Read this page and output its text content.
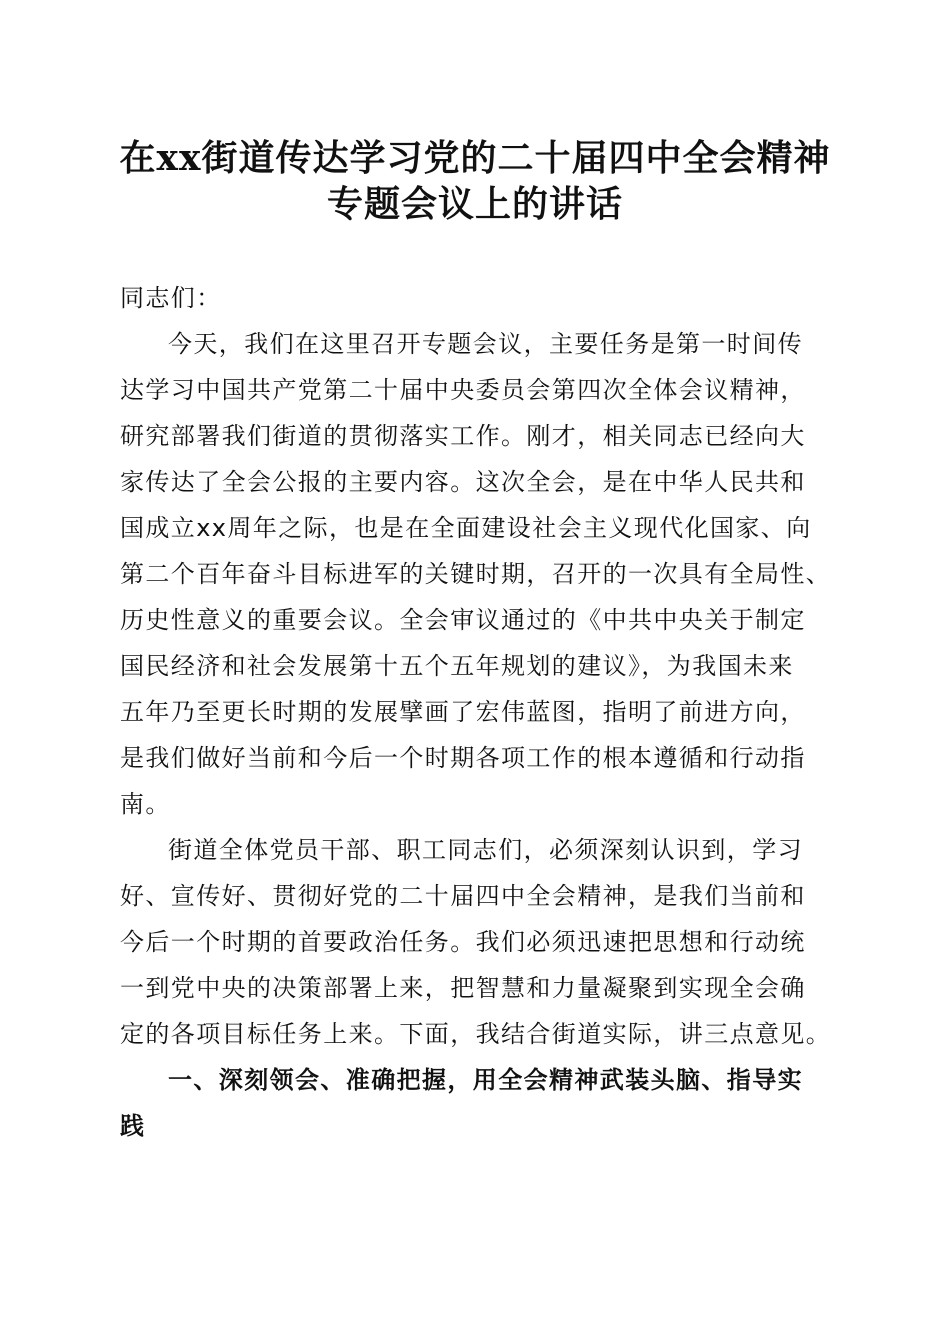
在xx街道传达学习党的二十届四中全会精神
专题会议上的讲话
同志们：
今天，我们在这里召开专题会议，主要任务是第一时间传
达学习中国共产党第二十届中央委员会第四次全体会议精神，
研究部署我们街道的贯彻落实工作。刚才，相关同志已经向大
家传达了全会公报的主要内容。这次全会，是在中华人民共和
国成立xx周年之际，也是在全面建设社会主义现代化国家、向
第二个百年奋斗目标进军的关键时期，召开的一次具有全局性、
历史性意义的重要会议。全会审议通过的《中共中央关于制定
国民经济和社会发展第十五个五年规划的建议》，为我国未来
五年乃至更长时期的发展擘画了宏伟蓝图，指明了前进方向，
是我们做好当前和今后一个时期各项工作的根本遵循和行动指
南。
街道全体党员干部、职工同志们，必须深刻认识到，学习
好、宣传好、贯彻好党的二十届四中全会精神，是我们当前和
今后一个时期的首要政治任务。我们必须迅速把思想和行动统
一到党中央的决策部署上来，把智慧和力量凝聚到实现全会确
定的各项目标任务上来。下面，我结合街道实际，讲三点意见。
一、深刻领会、准确把握，用全会精神武装头脑、指导实
践
